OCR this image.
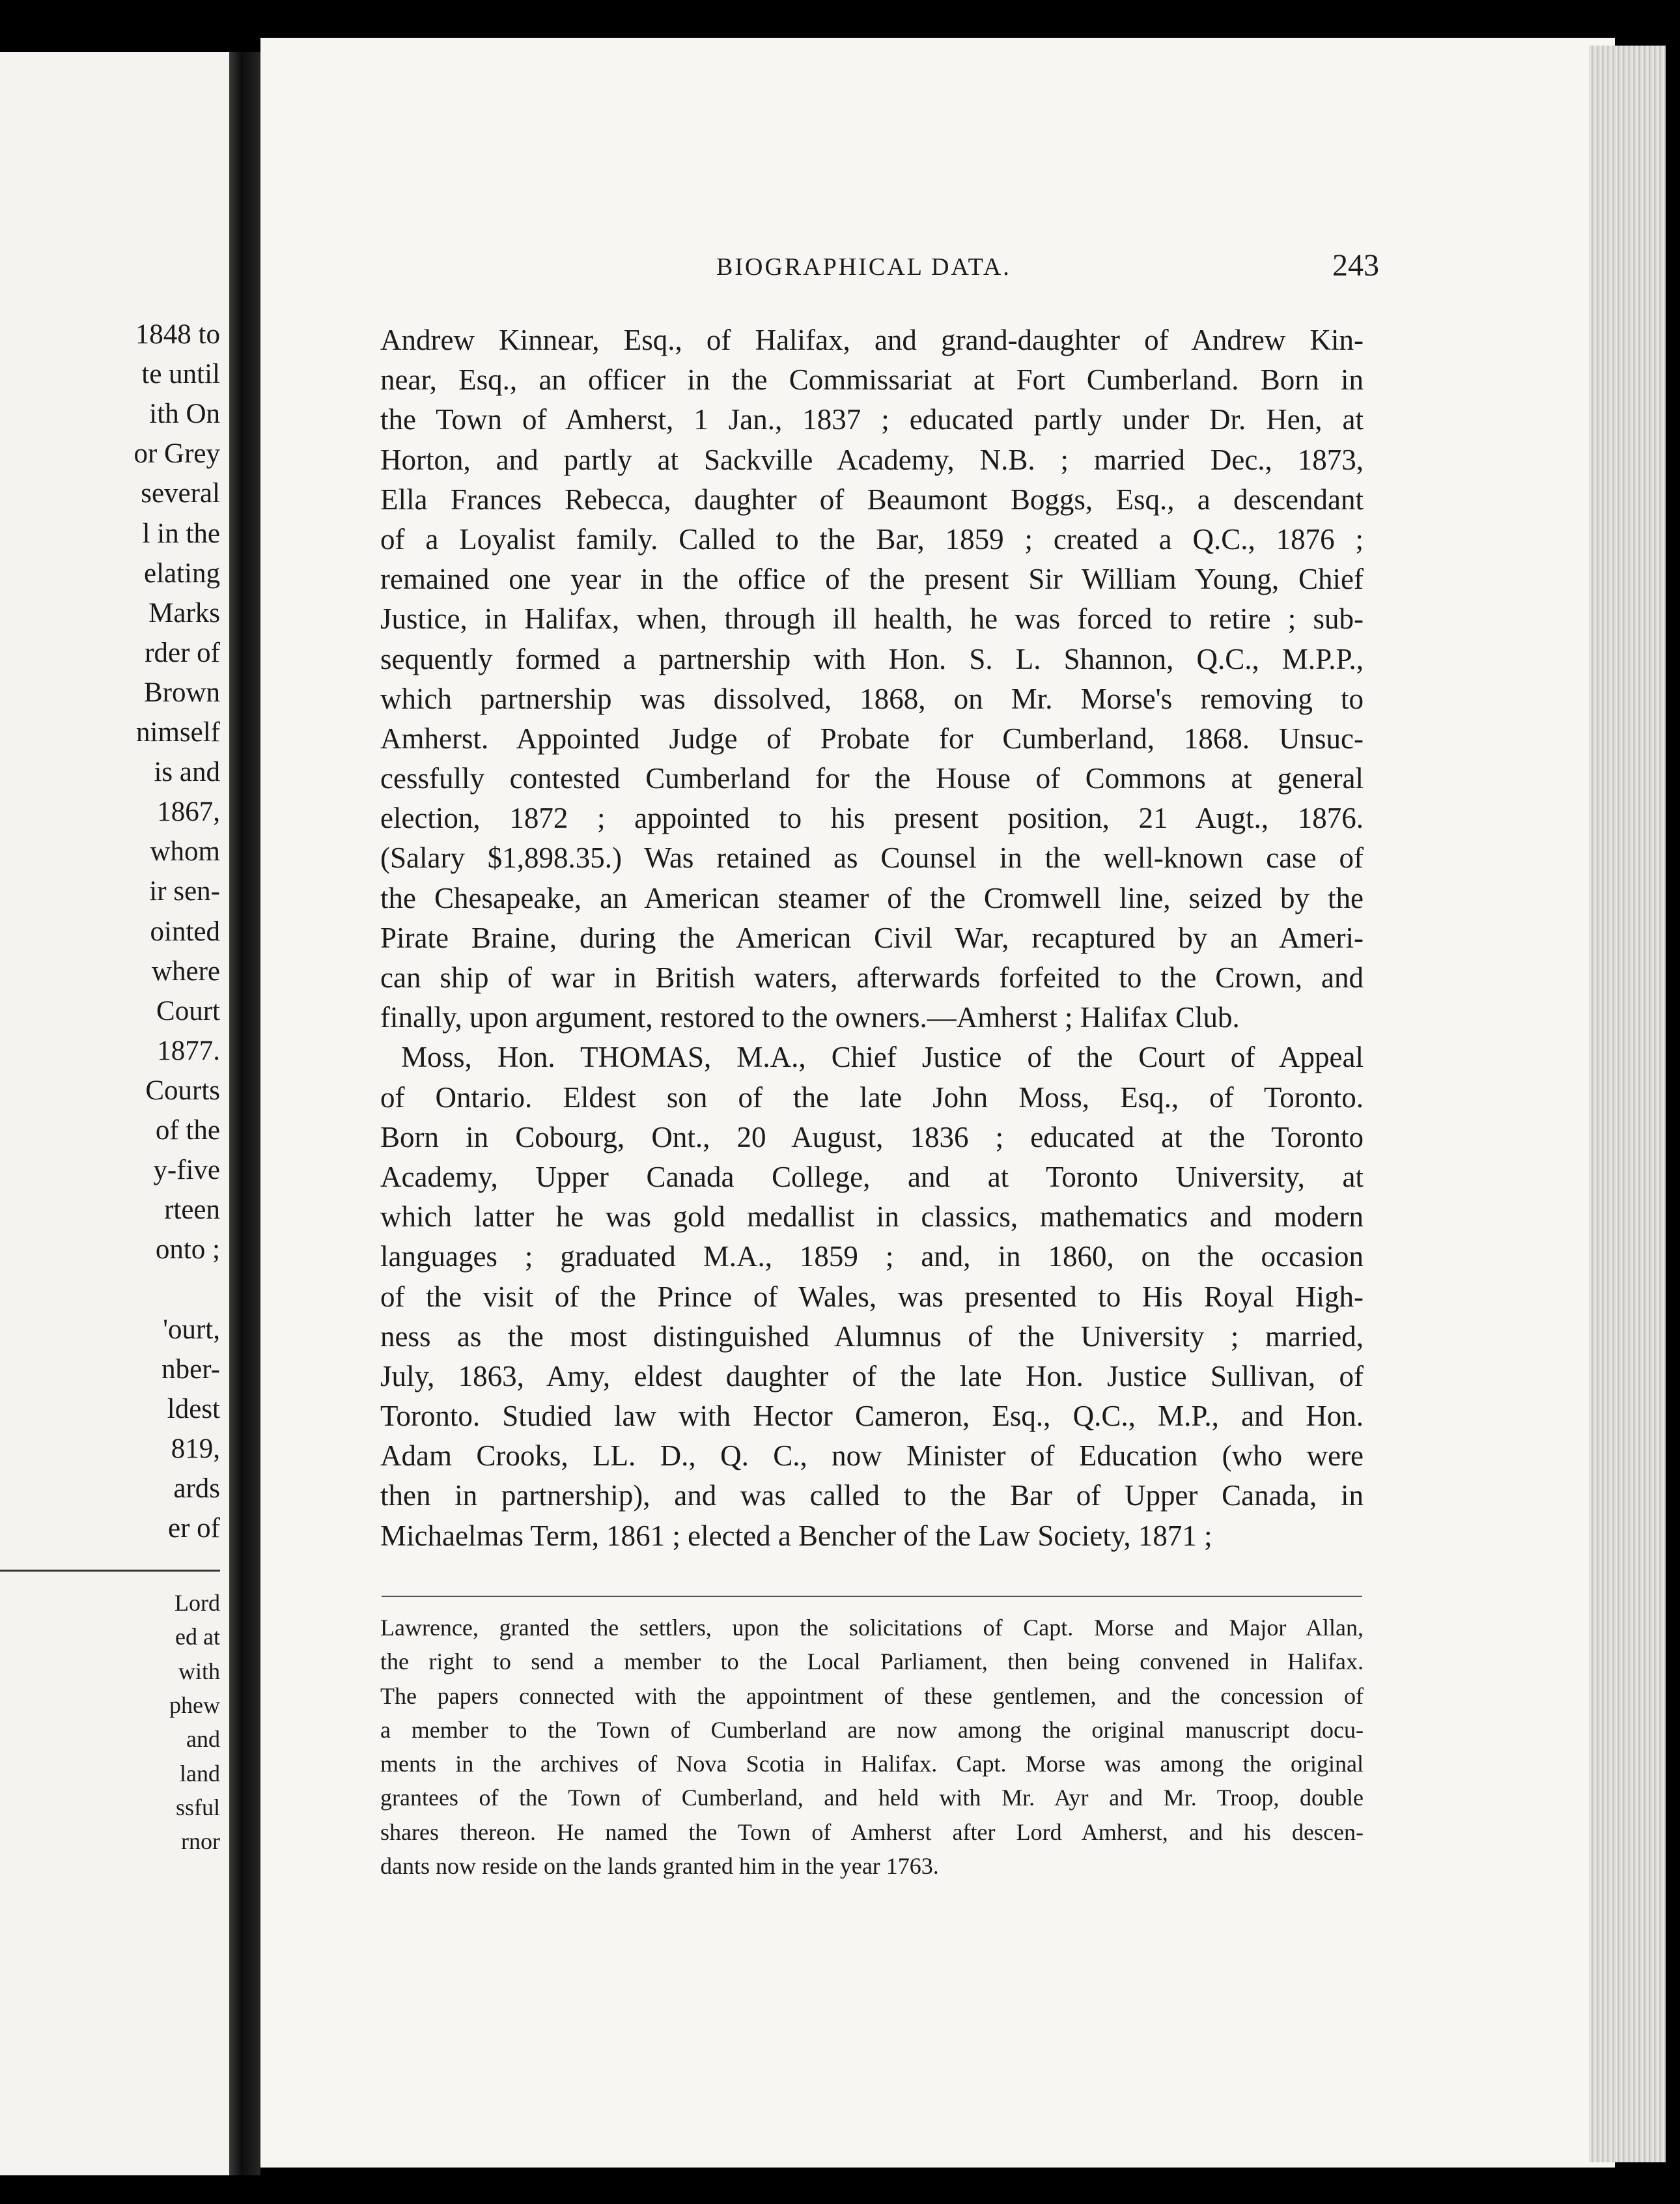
1848 to
te until
ith On
or Grey
several
l in the
elating
Marks
rder of
Brown
nimself
is and
1867,
whom
ir sen-
ointed
where
Court
1877.
Courts
of the
y-five
rteen
onto ;
'ourt,
nber-
ldest
819,
ards
er of
Lord
ed at
with
phew
and
land
ssful
rnor
BIOGRAPHICAL DATA.	243
Andrew Kinnear, Esq., of Halifax, and grand-daughter of Andrew Kin-
near, Esq., an officer in the Commissariat at Fort Cumberland. Born in
the Town of Amherst, 1 Jan., 1837 ; educated partly under Dr. Hen, at
Horton, and partly at Sackville Academy, N.B. ; married Dec., 1873,
Ella Frances Rebecca, daughter of Beaumont Boggs, Esq., a descendant
of a Loyalist family. Called to the Bar, 1859 ; created a Q.C., 1876 ;
remained one year in the office of the present Sir William Young, Chief
Justice, in Halifax, when, through ill health, he was forced to retire ; sub-
sequently formed a partnership with Hon. S. L. Shannon, Q.C., M.P.P.,
which partnership was dissolved, 1868, on Mr. Morse's removing to
Amherst. Appointed Judge of Probate for Cumberland, 1868. Unsuc-
cessfully contested Cumberland for the House of Commons at general
election, 1872 ; appointed to his present position, 21 Augt., 1876.
(Salary $1,898.35.) Was retained as Counsel in the well-known case of
the Chesapeake, an American steamer of the Cromwell line, seized by the
Pirate Braine, during the American Civil War, recaptured by an Ameri-
can ship of war in British waters, afterwards forfeited to the Crown, and
finally, upon argument, restored to the owners.—Amherst ; Halifax Club.
Moss, Hon. THOMAS, M.A., Chief Justice of the Court of Appeal
of Ontario. Eldest son of the late John Moss, Esq., of Toronto.
Born in Cobourg, Ont., 20 August, 1836 ; educated at the Toronto
Academy, Upper Canada College, and at Toronto University, at
which latter he was gold medallist in classics, mathematics and modern
languages ; graduated M.A., 1859 ; and, in 1860, on the occasion
of the visit of the Prince of Wales, was presented to His Royal High-
ness as the most distinguished Alumnus of the University ; married,
July, 1863, Amy, eldest daughter of the late Hon. Justice Sullivan, of
Toronto. Studied law with Hector Cameron, Esq., Q.C., M.P., and Hon.
Adam Crooks, LL. D., Q. C., now Minister of Education (who were
then in partnership), and was called to the Bar of Upper Canada, in
Michaelmas Term, 1861 ; elected a Bencher of the Law Society, 1871 ;
Lawrence, granted the settlers, upon the solicitations of Capt. Morse and Major Allan,
the right to send a member to the Local Parliament, then being convened in Halifax.
The papers connected with the appointment of these gentlemen, and the concession of
a member to the Town of Cumberland are now among the original manuscript docu-
ments in the archives of Nova Scotia in Halifax. Capt. Morse was among the original
grantees of the Town of Cumberland, and held with Mr. Ayr and Mr. Troop, double
shares thereon. He named the Town of Amherst after Lord Amherst, and his descen-
dants now reside on the lands granted him in the year 1763.
